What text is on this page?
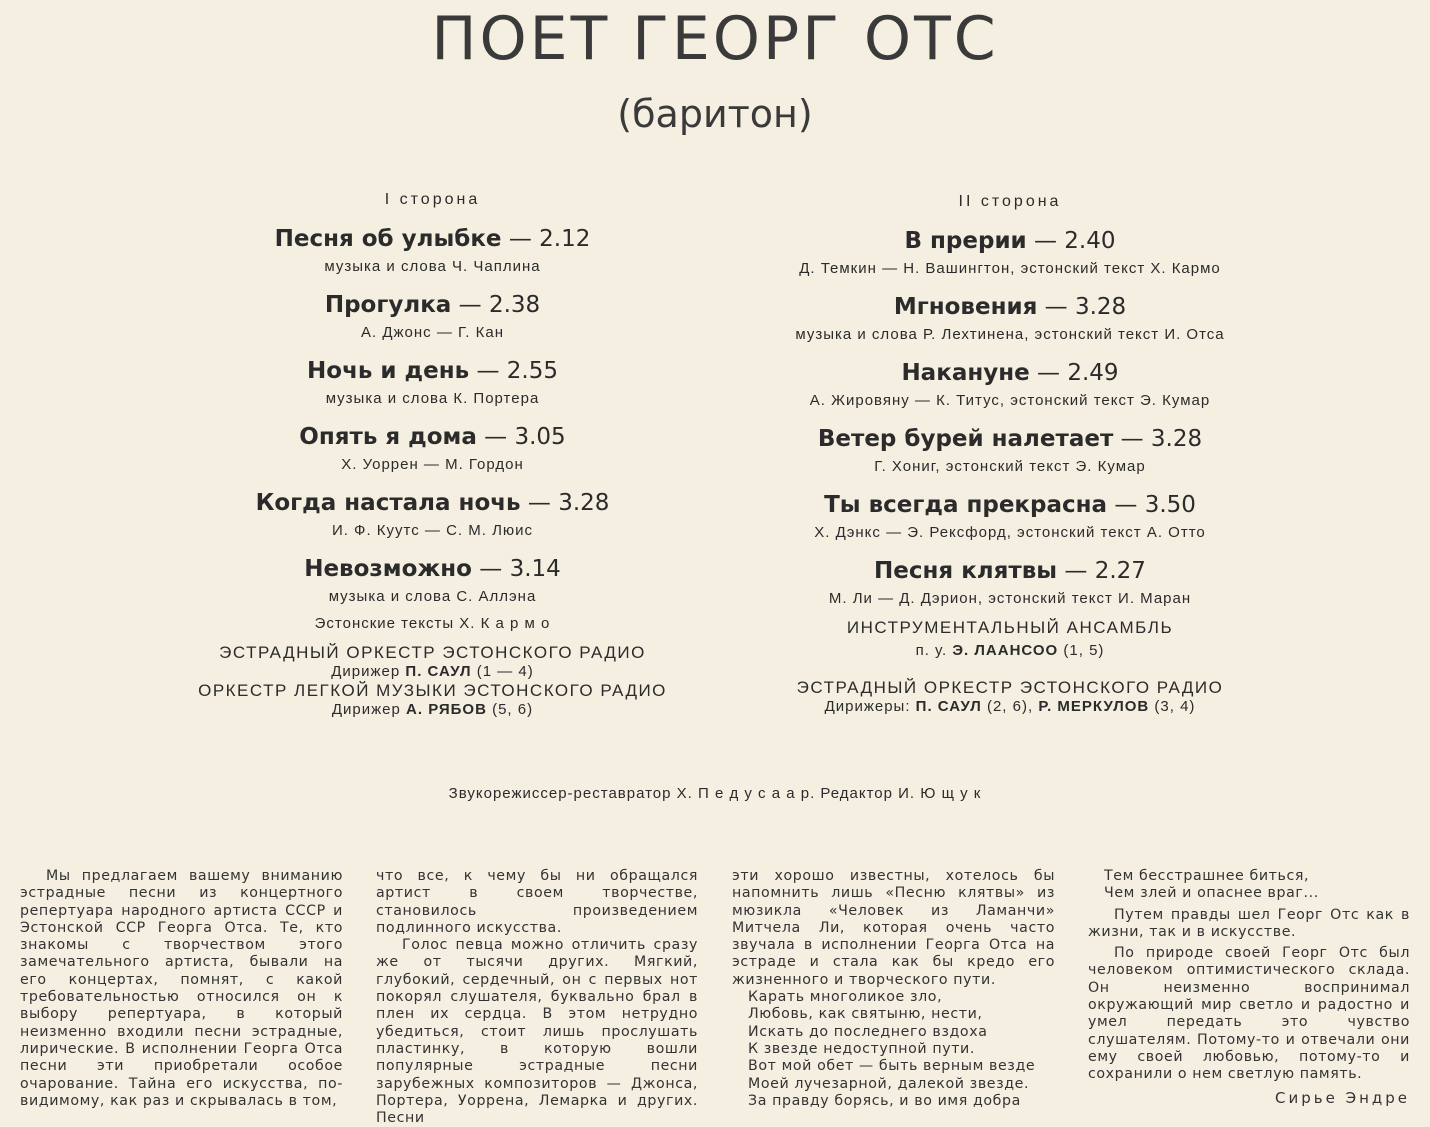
ПОЕТ ГЕОРГ ОТС
(баритон)
I сторона
Песня об улыбке — 2.12
музыка и слова Ч. Чаплина
Прогулка — 2.38
А. Джонс — Г. Кан
Ночь и день — 2.55
музыка и слова К. Портера
Опять я дома — 3.05
Х. Уоррен — М. Гордон
Когда настала ночь — 3.28
И. Ф. Куутс — С. М. Люис
Невозможно — 3.14
музыка и слова С. Аллэна
Эстонские тексты Х. К а р м о
ЭСТРАДНЫЙ ОРКЕСТР ЭСТОНСКОГО РАДИО
Дирижер П. САУЛ (1 — 4)
ОРКЕСТР ЛЕГКОЙ МУЗЫКИ ЭСТОНСКОГО РАДИО
Дирижер А. РЯБОВ (5, 6)
II сторона
В прерии — 2.40
Д. Темкин — Н. Вашингтон, эстонский текст Х. Кармо
Мгновения — 3.28
музыка и слова Р. Лехтинена, эстонский текст И. Отса
Накануне — 2.49
А. Жировяну — К. Титус, эстонский текст Э. Кумар
Ветер бурей налетает — 3.28
Г. Хониг, эстонский текст Э. Кумар
Ты всегда прекрасна — 3.50
Х. Дэнкс — Э. Рексфорд, эстонский текст А. Отто
Песня клятвы — 2.27
М. Ли — Д. Дэрион, эстонский текст И. Маран
ИНСТРУМЕНТАЛЬНЫЙ АНСАМБЛЬ
п. у. Э. ЛААНСОО (1, 5)
ЭСТРАДНЫЙ ОРКЕСТР ЭСТОНСКОГО РАДИО
Дирижеры: П. САУЛ (2, 6), Р. МЕРКУЛОВ (3, 4)
Звукорежиссер-реставратор Х. П е д у с а а р. Редактор И. Ю щ у к

Мы предлагаем вашему вниманию эстрадные песни из концертного репертуара народного артиста СССР и Эстонской ССР Георга Отса. Те, кто знакомы с творчеством этого замечательного артиста, бывали на его концертах, помнят, с какой требовательностью относился он к выбору репертуара, в который неизменно входили песни эстрадные, лирические. В исполнении Георга Отса песни эти приобретали особое очарование. Тайна его искусства, по-видимому, как раз и скрывалась в том,

что все, к чему бы ни обращался артист в своем творчестве, становилось произведением подлинного искусства.

Голос певца можно отличить сразу же от тысячи других. Мягкий, глубокий, сердечный, он с первых нот покорял слушателя, буквально брал в плен их сердца. В этом нетрудно убедиться, стоит лишь прослушать пластинку, в которую вошли популярные эстрадные песни зарубежных композиторов — Джонса, Портера, Уоррена, Лемарка и других. Песни

эти хорошо известны, хотелось бы напомнить лишь «Песню клятвы» из мюзикла «Человек из Ламанчи» Митчела Ли, которая очень часто звучала в исполнении Георга Отса на эстраде и стала как бы кредо его жизненного и творческого пути.

Карать многоликое зло,
Любовь, как святыню, нести,
Искать до последнего вздоха
К звезде недоступной пути.
Вот мой обет — быть верным везде
Моей лучезарной, далекой звезде.
За правду борясь, и во имя добра
Тем бесстрашнее биться,
Чем злей и опаснее враг...

Путем правды шел Георг Отс как в жизни, так и в искусстве.

По природе своей Георг Отс был человеком оптимистического склада. Он неизменно воспринимал окружающий мир светло и радостно и умел передать это чувство слушателям. Потому-то и отвечали они ему своей любовью, потому-то и сохранили о нем светлую память.

Сирье Эндре
